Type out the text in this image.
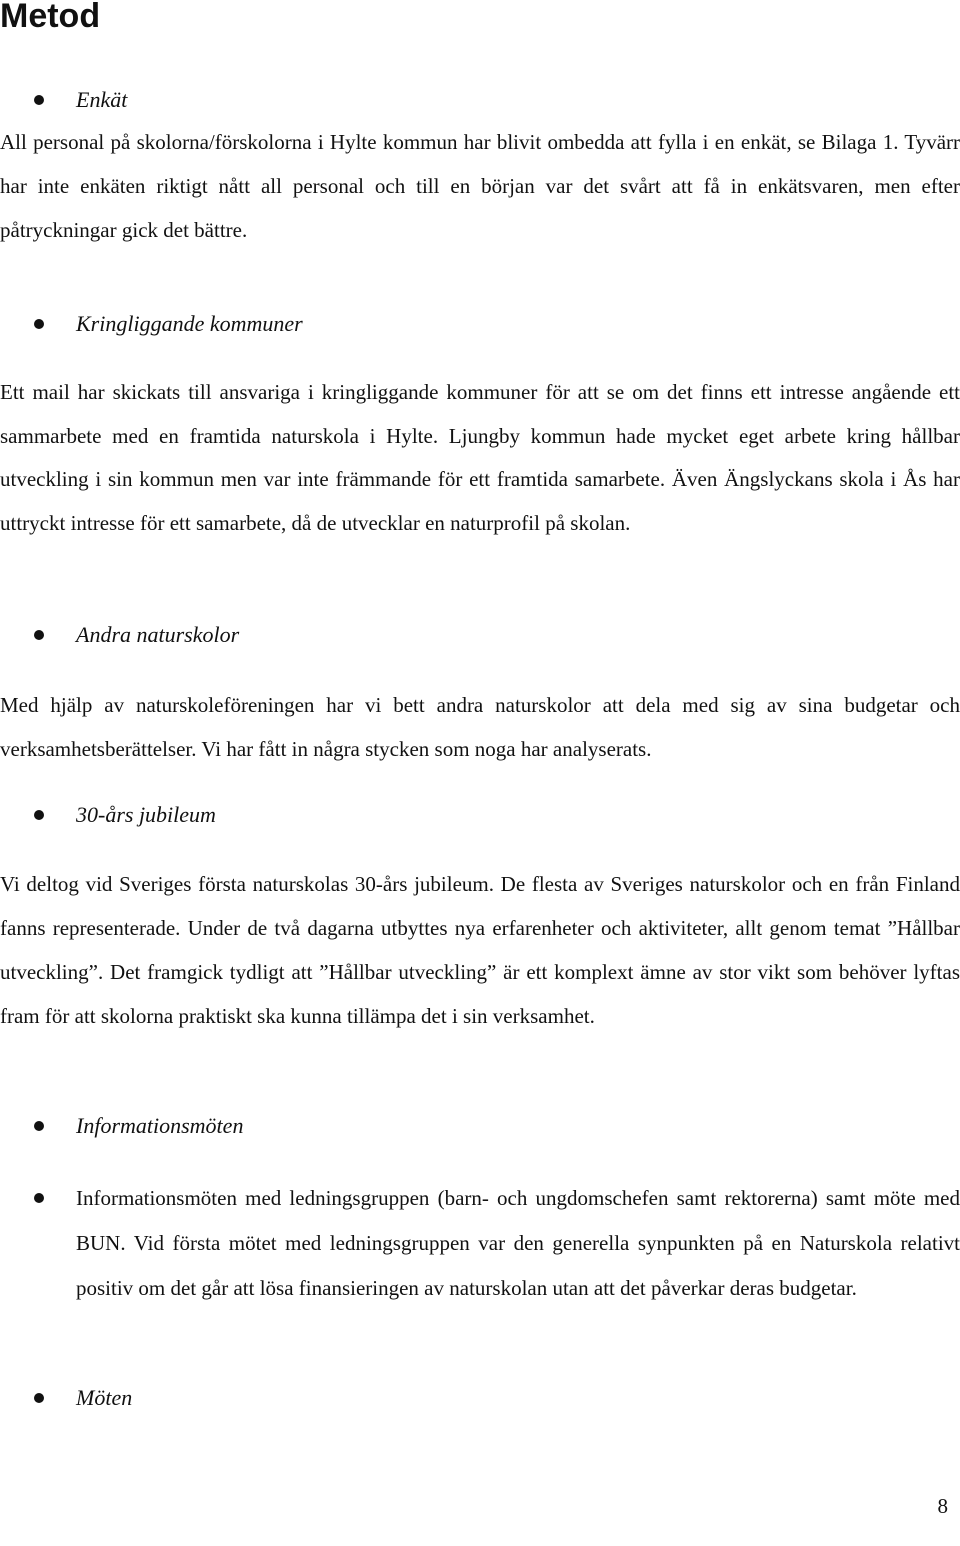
Metod
Enkät

All personal på skolorna/förskolorna i Hylte kommun har blivit ombedda att fylla i en enkät, se Bilaga 1. Tyvärr har inte enkäten riktigt nått all personal och till en början var det svårt att få in enkätsvaren, men efter påtryckningar gick det bättre.

Kringliggande kommuner

Ett mail har skickats till ansvariga i kringliggande kommuner för att se om det finns ett intresse angående ett sammarbete med en framtida naturskola i Hylte. Ljungby kommun hade mycket eget arbete kring hållbar utveckling i sin kommun men var inte främmande för ett framtida samarbete. Även Ängslyckans skola i Ås har uttryckt intresse för ett samarbete, då de utvecklar en naturprofil på skolan.

Andra naturskolor

Med hjälp av naturskoleföreningen har vi bett andra naturskolor att dela med sig av sina budgetar och verksamhetsberättelser. Vi har fått in några stycken som noga har analyserats.

30-års jubileum

Vi deltog vid Sveriges första naturskolas 30-års jubileum. De flesta av Sveriges naturskolor och en från Finland fanns representerade. Under de två dagarna utbyttes nya erfarenheter och aktiviteter, allt genom temat ”Hållbar utveckling”. Det framgick tydligt att ”Hållbar utveckling” är ett komplext ämne av stor vikt som behöver lyftas fram för att skolorna praktiskt ska kunna tillämpa det i sin verksamhet.

Informationsmöten

Informationsmöten med ledningsgruppen (barn- och ungdomschefen samt rektorerna) samt möte med BUN. Vid första mötet med ledningsgruppen var den generella synpunkten på en Naturskola relativt positiv om det går att lösa finansieringen av naturskolan utan att det påverkar deras budgetar.

Möten
8
